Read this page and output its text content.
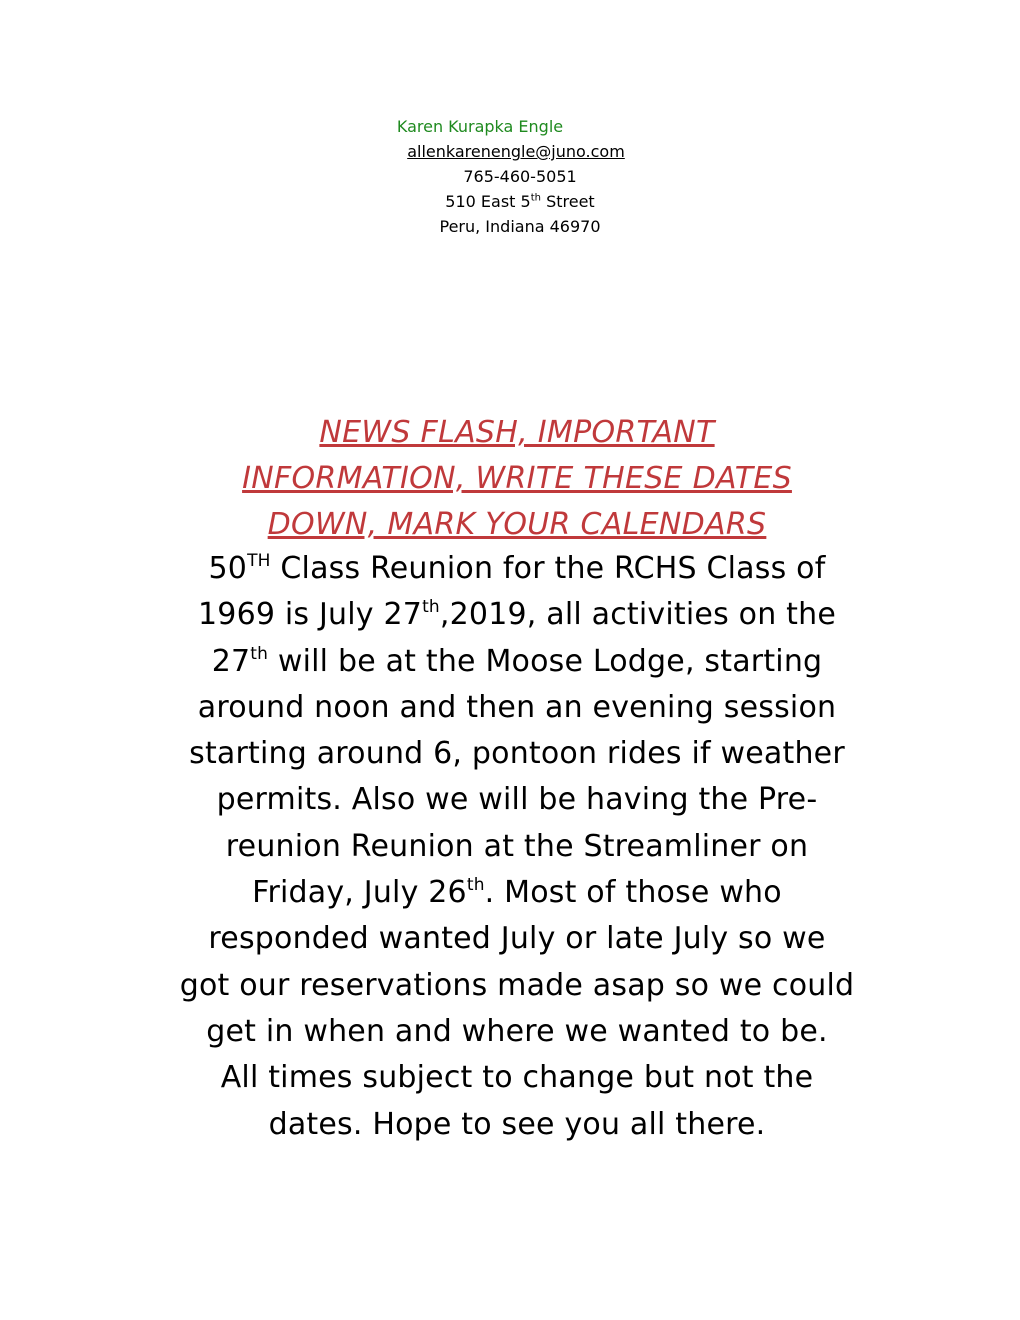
Karen Kurapka Engle
allenkarenengle@juno.com
765-460-5051
510 East 5th Street
Peru, Indiana 46970
NEWS FLASH, IMPORTANT
INFORMATION, WRITE THESE DATES
DOWN, MARK YOUR CALENDARS
50TH Class Reunion for the RCHS Class of
1969 is July 27th,2019, all activities on the
27th will be at the Moose Lodge, starting
around noon and then an evening session
starting around 6, pontoon rides if weather
permits. Also we will be having the Pre-
reunion Reunion at the Streamliner on
Friday, July 26th. Most of those who
responded wanted July or late July so we
got our reservations made asap so we could
get in when and where we wanted to be.
All times subject to change but not the
dates. Hope to see you all there.
